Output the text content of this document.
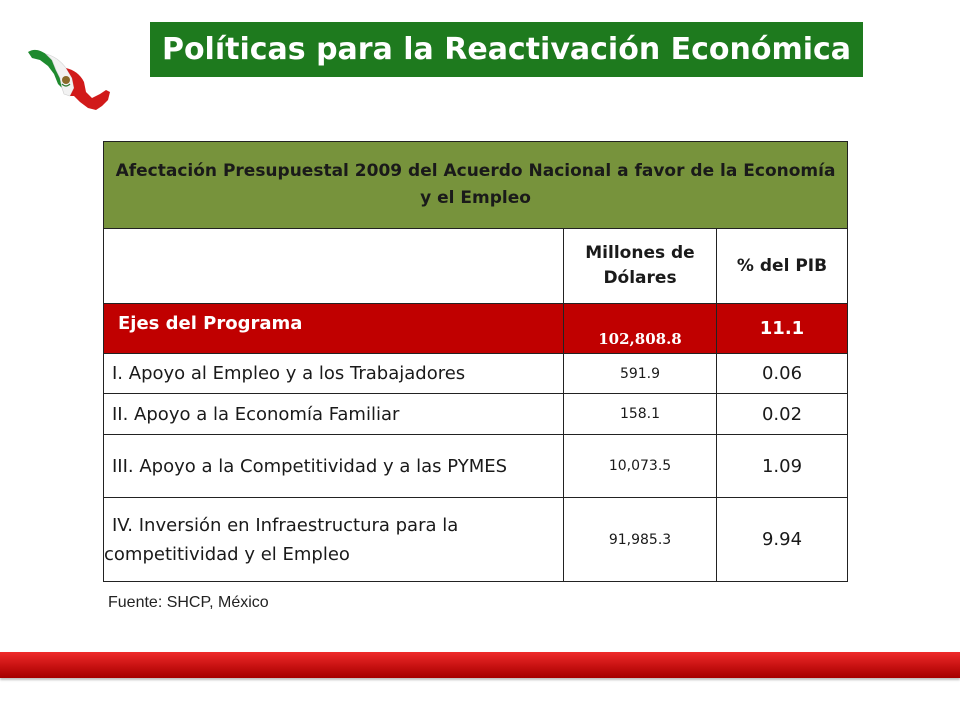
Políticas para la Reactivación Económica
Afectación Presupuestal 2009 del Acuerdo Nacional a favor de la Economía y el Empleo		
	Millones de Dólares	% del PIB
Ejes del Programa	102,808.8	11.1
I. Apoyo al Empleo y a los Trabajadores	591.9	0.06
II. Apoyo a la Economía Familiar	158.1	0.02
III. Apoyo a la Competitividad y a las PYMES	10,073.5	1.09
IV. Inversión en Infraestructura para la competitividad y el Empleo	91,985.3	9.94
Fuente: SHCP, México
